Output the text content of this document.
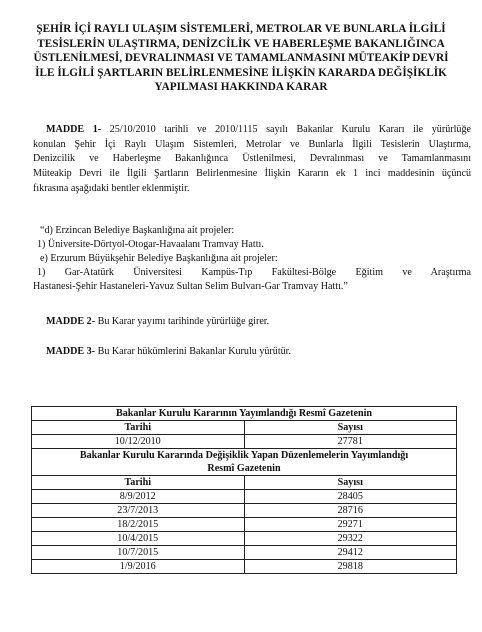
ŞEHİR İÇİ RAYLI ULAŞIM SİSTEMLERİ, METROLAR VE BUNLARLA İLGİLİ
TESİSLERİN ULAŞTIRMA, DENİZCİLİK VE HABERLEŞME BAKANLIĞINCA
ÜSTLENİLMESİ, DEVRALINMASI VE TAMAMLANMASINI MÜTEAKİP DEVRİ
İLE İLGİLİ ŞARTLARIN BELİRLENMESİNE İLİŞKİN KARARDA DEĞİŞİKLİK
YAPILMASI HAKKINDA KARAR
MADDE 1- 25/10/2010 tarihli ve 2010/1115 sayılı Bakanlar Kurulu Kararı ile yürürlüğe
konulan Şehir İçi Raylı Ulaşım Sistemleri, Metrolar ve Bunlarla İlgili Tesislerin Ulaştırma,
Denizcilik ve Haberleşme Bakanlığınca Üstlenilmesi, Devralınması ve Tamamlanmasını
Müteakip Devri ile İlgili Şartların Belirlenmesine İlişkin Kararın ek 1 inci maddesinin üçüncü
fıkrasına aşağıdaki bentler eklenmiştir.
“d) Erzincan Belediye Başkanlığına ait projeler:
1) Üniversite-Dörtyol-Otogar-Havaalanı Tramvay Hattı.
e) Erzurum Büyükşehir Belediye Başkanlığına ait projeler:
1) Gar-Atatürk Üniversitesi Kampüs-Tıp Fakültesi-Bölge Eğitim ve Araştırma
Hastanesi-Şehir Hastaneleri-Yavuz Sultan Selim Bulvarı-Gar Tramvay Hattı.”
MADDE 2- Bu Karar yayımı tarihinde yürürlüğe girer.
MADDE 3- Bu Karar hükümlerini Bakanlar Kurulu yürütür.
Bakanlar Kurulu Kararının Yayımlandığı Resmî Gazetenin	
Tarihi	Sayısı
10/12/2010	27781

Bakanlar Kurulu Kararında Değişiklik Yapan Düzenlemelerin Yayımlandığı
Resmî Gazetenin	

Tarihi	Sayısı
8/9/2012	28405
23/7/2013	28716
18/2/2015	29271
10/4/2015	29322
10/7/2015	29412
1/9/2016	29818
